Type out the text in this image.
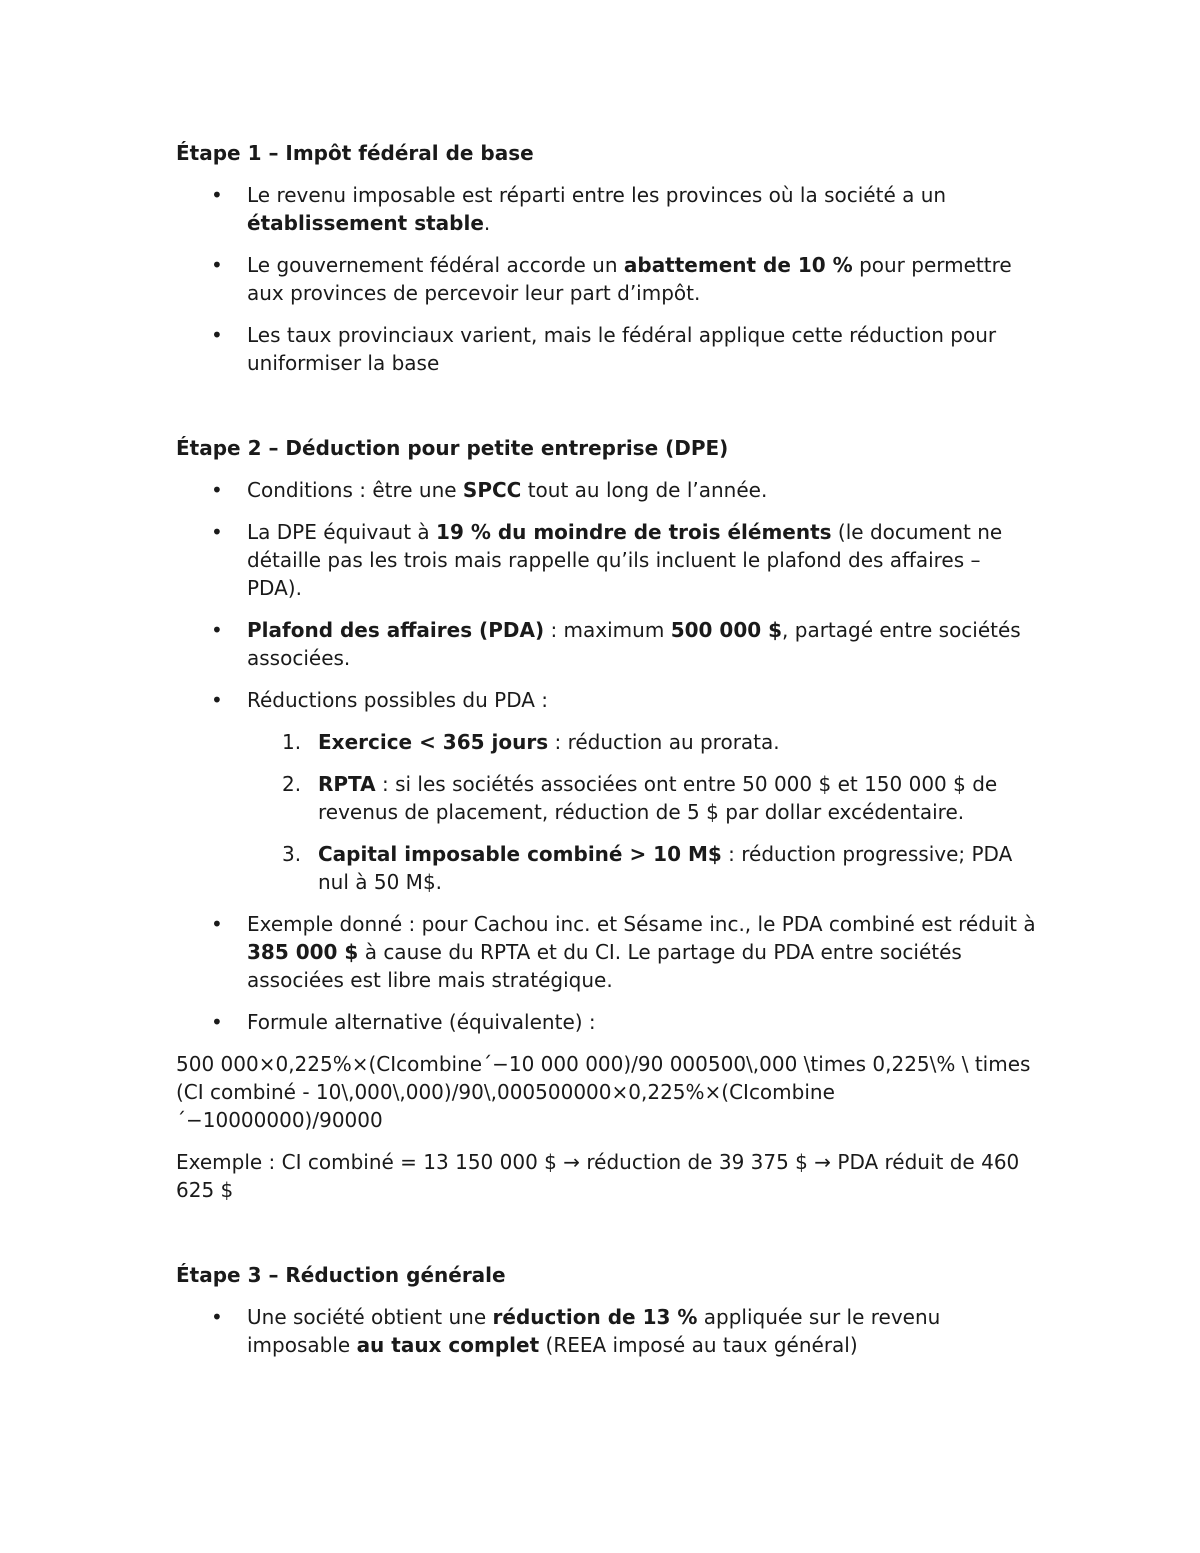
Étape 1 – Impôt fédéral de base
• Le revenu imposable est réparti entre les provinces où la société a un établissement stable.
• Le gouvernement fédéral accorde un abattement de 10 % pour permettre aux provinces de percevoir leur part d’impôt.
• Les taux provinciaux varient, mais le fédéral applique cette réduction pour uniformiser la base
Étape 2 – Déduction pour petite entreprise (DPE)
• Conditions : être une SPCC tout au long de l’année.
• La DPE équivaut à 19 % du moindre de trois éléments (le document ne détaille pas les trois mais rappelle qu’ils incluent le plafond des affaires – PDA).
• Plafond des affaires (PDA) : maximum 500 000 $, partagé entre sociétés associées.
• Réductions possibles du PDA :
1. Exercice < 365 jours : réduction au prorata.
2. RPTA : si les sociétés associées ont entre 50 000 $ et 150 000 $ de revenus de placement, réduction de 5 $ par dollar excédentaire.
3. Capital imposable combiné > 10 M$ : réduction progressive; PDA nul à 50 M$.
• Exemple donné : pour Cachou inc. et Sésame inc., le PDA combiné est réduit à 385 000 $ à cause du RPTA et du CI. Le partage du PDA entre sociétés associées est libre mais stratégique.
• Formule alternative (équivalente) :

500 000×0,225%×(CIcombine´−10 000 000)/90 000500\,000 \times 0,225\% \ times (CI combiné - 10\,000\,000)/90\,000500000×0,225%×(CIcombine´−10000000)/90000

Exemple : CI combiné = 13 150 000 $ → réduction de 39 375 $ → PDA réduit de 460 625 $

Étape 3 – Réduction générale
• Une société obtient une réduction de 13 % appliquée sur le revenu imposable au taux complet (REEA imposé au taux général)
